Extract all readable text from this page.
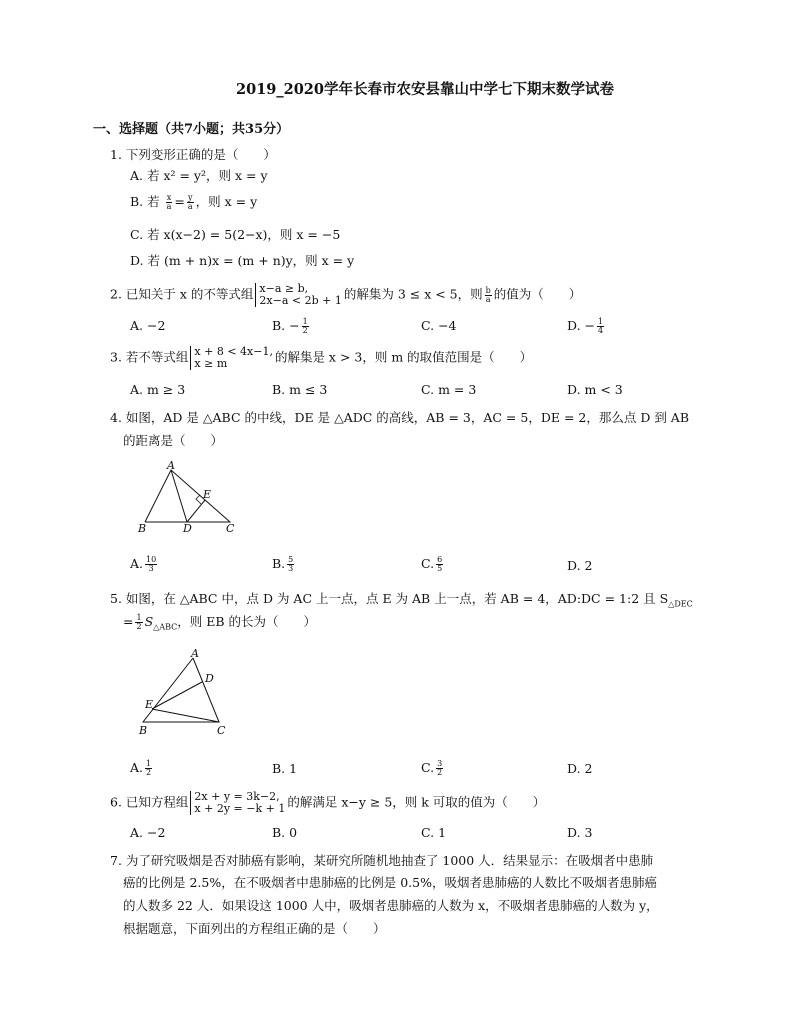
2019_2020学年长春市农安县靠山中学七下期末数学试卷
一、选择题（共7小题；共35分）
1. 下列变形正确的是（　　）
A. 若 x² = y²，则 x = y
B. 若 $\frac{x}{a} = \frac{y}{a}$ ，则 x = y
C. 若 x(x−2) = 5(2−x)，则 x = −5
D. 若 (m + n)x = (m + n)y，则 x = y
2. 已知关于 x 的不等式组 x−a ≥ b,
2x−a < 2b + 1 的解集为 3 ≤ x < 5，则 $\frac{b}{a}$ 的值为（　　）
A. −2	B. − $\frac{1}{2}$	C. −4	D. − $\frac{1}{4}$
3. 若不等式组 x + 8 < 4x−1,
x ≥ m	的解集是 x > 3，则 m 的取值范围是（　　）
A. m ≥ 3	B. m ≤ 3	C. m = 3	D. m < 3
4. 如图，AD 是 △ABC 的中线，DE 是 △ADC 的高线，AB = 3，AC = 5，DE = 2，那么点 D 到 AB
的距离是（　　）
A
B	C
D
E
A. $\frac{10}{3}$	B. $\frac{5}{3}$	C. $\frac{6}{5}$	D. 2
5. 如图，在 △ABC 中，点 D 为 AC 上一点，点 E 为 AB 上一点，若 AB = 4，AD:DC = 1:2 且 $S_{\triangle DEC}$
= $\frac{1}{2} S_{\triangle ABC}$，则 EB 的长为（　　）
A
B	C
D
E
A. $\frac{1}{2}$	B. 1	C. $\frac{3}{2}$	D. 2
6. 已知方程组 2x + y = 3k−2,
x + 2y = −k + 1 的解满足 x−y ≥ 5，则 k 可取的值为（　　）
A. −2	B. 0	C. 1	D. 3
7. 为了研究吸烟是否对肺癌有影响，某研究所随机地抽查了 1000 人．结果显示：在吸烟者中患肺
癌的比例是 2.5%，在不吸烟者中患肺癌的比例是 0.5%，吸烟者患肺癌的人数比不吸烟者患肺癌
的人数多 22 人．如果设这 1000 人中，吸烟者患肺癌的人数为 x，不吸烟者患肺癌的人数为 y，
根据题意，下面列出的方程组正确的是（　　）
